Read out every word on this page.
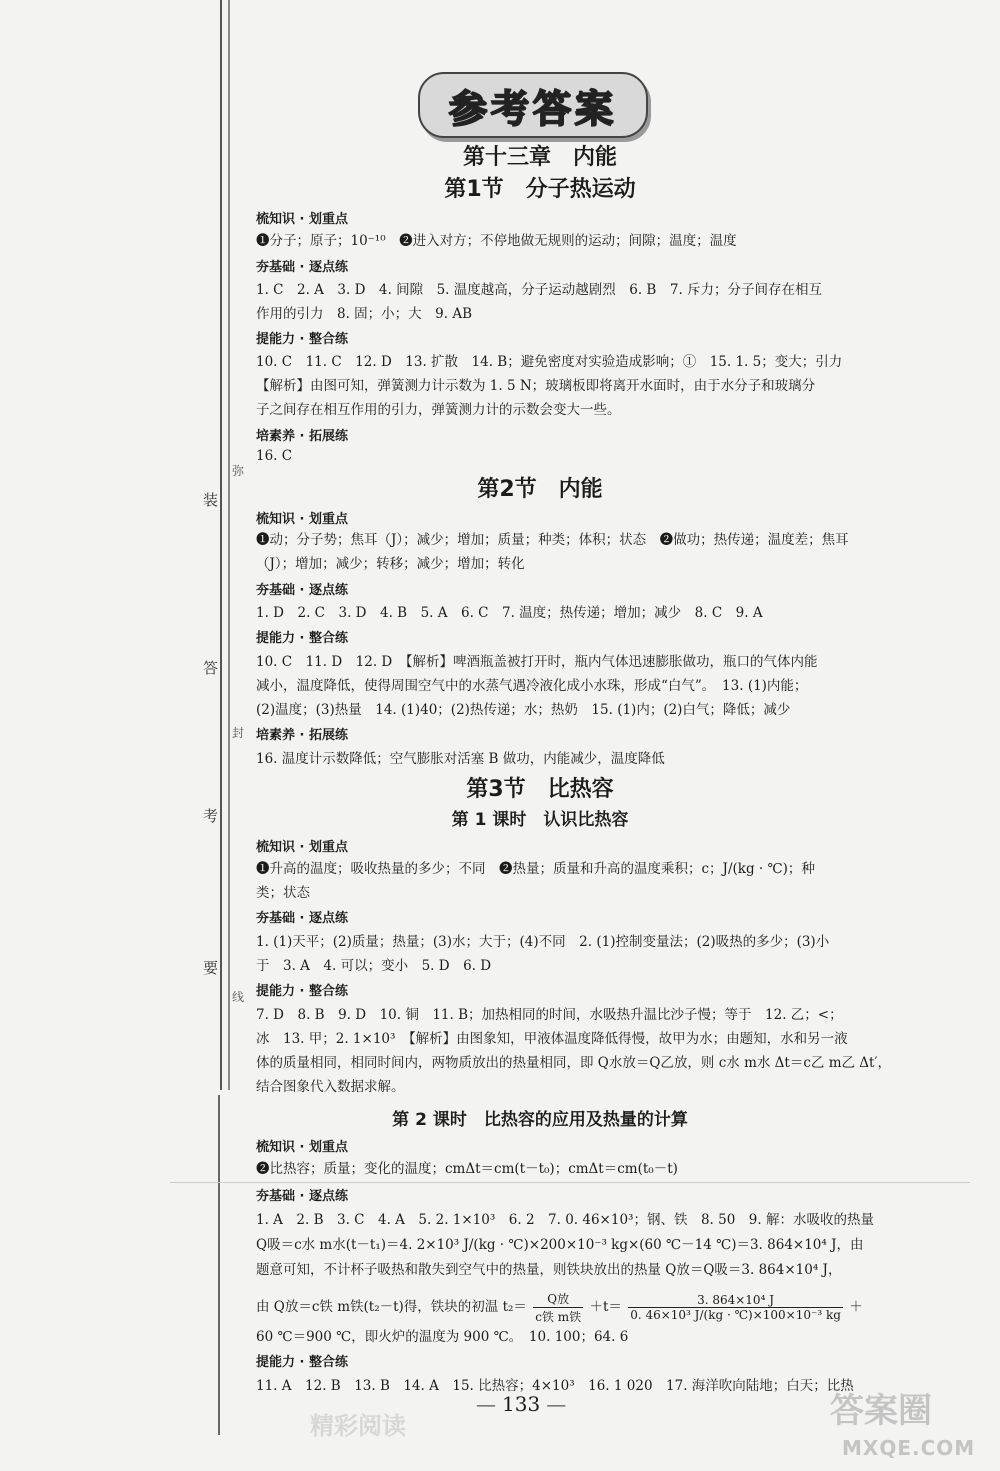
弥
装
答
封
考
要
线
参考答案
第十三章　内能
第1节　分子热运动
梳知识 · 划重点
❶分子；原子；10⁻¹⁰　❷进入对方；不停地做无规则的运动；间隙；温度；温度
夯基础 · 逐点练
1. C　2. A　3. D　4. 间隙　5. 温度越高，分子运动越剧烈　6. B　7. 斥力；分子间存在相互
作用的引力　8. 固；小；大　9. AB
提能力 · 整合练
10. C　11. C　12. D　13. 扩散　14. B；避免密度对实验造成影响；①　15. 1. 5；变大；引力
【解析】由图可知，弹簧测力计示数为 1. 5 N；玻璃板即将离开水面时，由于水分子和玻璃分
子之间存在相互作用的引力，弹簧测力计的示数会变大一些。
培素养 · 拓展练
16. C
第2节　内能
梳知识 · 划重点
❶动；分子势；焦耳（J）；减少；增加；质量；种类；体积；状态　❷做功；热传递；温度差；焦耳
（J）；增加；减少；转移；减少；增加；转化
夯基础 · 逐点练
1. D　2. C　3. D　4. B　5. A　6. C　7. 温度；热传递；增加；减少　8. C　9. A
提能力 · 整合练
10. C　11. D　12. D　【解析】啤酒瓶盖被打开时，瓶内气体迅速膨胀做功，瓶口的气体内能
减小，温度降低，使得周围空气中的水蒸气遇冷液化成小水珠，形成“白气”。　13. (1)内能；
(2)温度；(3)热量　14. (1)40；(2)热传递；水；热奶　15. (1)内；(2)白气；降低；减少
培素养 · 拓展练
16. 温度计示数降低；空气膨胀对活塞 B 做功，内能减少，温度降低
第3节　比热容
第 1 课时　认识比热容
梳知识 · 划重点
❶升高的温度；吸收热量的多少；不同　❷热量；质量和升高的温度乘积；c；J/(kg · ℃)；种
类；状态
夯基础 · 逐点练
1. (1)天平；(2)质量；热量；(3)水；大于；(4)不同　2. (1)控制变量法；(2)吸热的多少；(3)小
于　3. A　4. 可以；变小　5. D　6. D
提能力 · 整合练
7. D　8. B　9. D　10. 铜　11. B；加热相同的时间，水吸热升温比沙子慢；等于　12. 乙；<；
冰　13. 甲；2. 1×10³　【解析】由图象知，甲液体温度降低得慢，故甲为水；由题知，水和另一液
体的质量相同，相同时间内，两物质放出的热量相同，即 Q水放＝Q乙放，则 c水 m水 Δt＝c乙 m乙 Δt′，
结合图象代入数据求解。
第 2 课时　比热容的应用及热量的计算
梳知识 · 划重点
❷比热容；质量；变化的温度；cmΔt＝cm(t－t₀)；cmΔt＝cm(t₀－t)
夯基础 · 逐点练
1. A　2. B　3. C　4. A　5. 2. 1×10³　6. 2　7. 0. 46×10³；钢、铁　8. 50　9. 解：水吸收的热量
Q吸＝c水 m水(t－t₁)＝4. 2×10³ J/(kg · ℃)×200×10⁻³ kg×(60 ℃－14 ℃)＝3. 864×10⁴ J，由
题意可知，不计杯子吸热和散失到空气中的热量，则铁块放出的热量 Q放＝Q吸＝3. 864×10⁴ J，
由 Q放＝c铁 m铁(t₂－t)得，铁块的初温 t₂＝	Q放
c铁 m铁
$+t= \frac{\text{3. 864×10⁴ J}}{\text{0. 46×10³ J/(kg · ℃)×100×10⁻³ kg}}$ ＋
60 ℃＝900 ℃，即火炉的温度为 900 ℃。　10. 100；64. 6
提能力 · 整合练
11. A　12. B　13. B　14. A　15. 比热容；4×10³　16. 1 020　17. 海洋吹向陆地；白天；比热
— 133 —
精彩阅读	答案圈
MXQE.COM
